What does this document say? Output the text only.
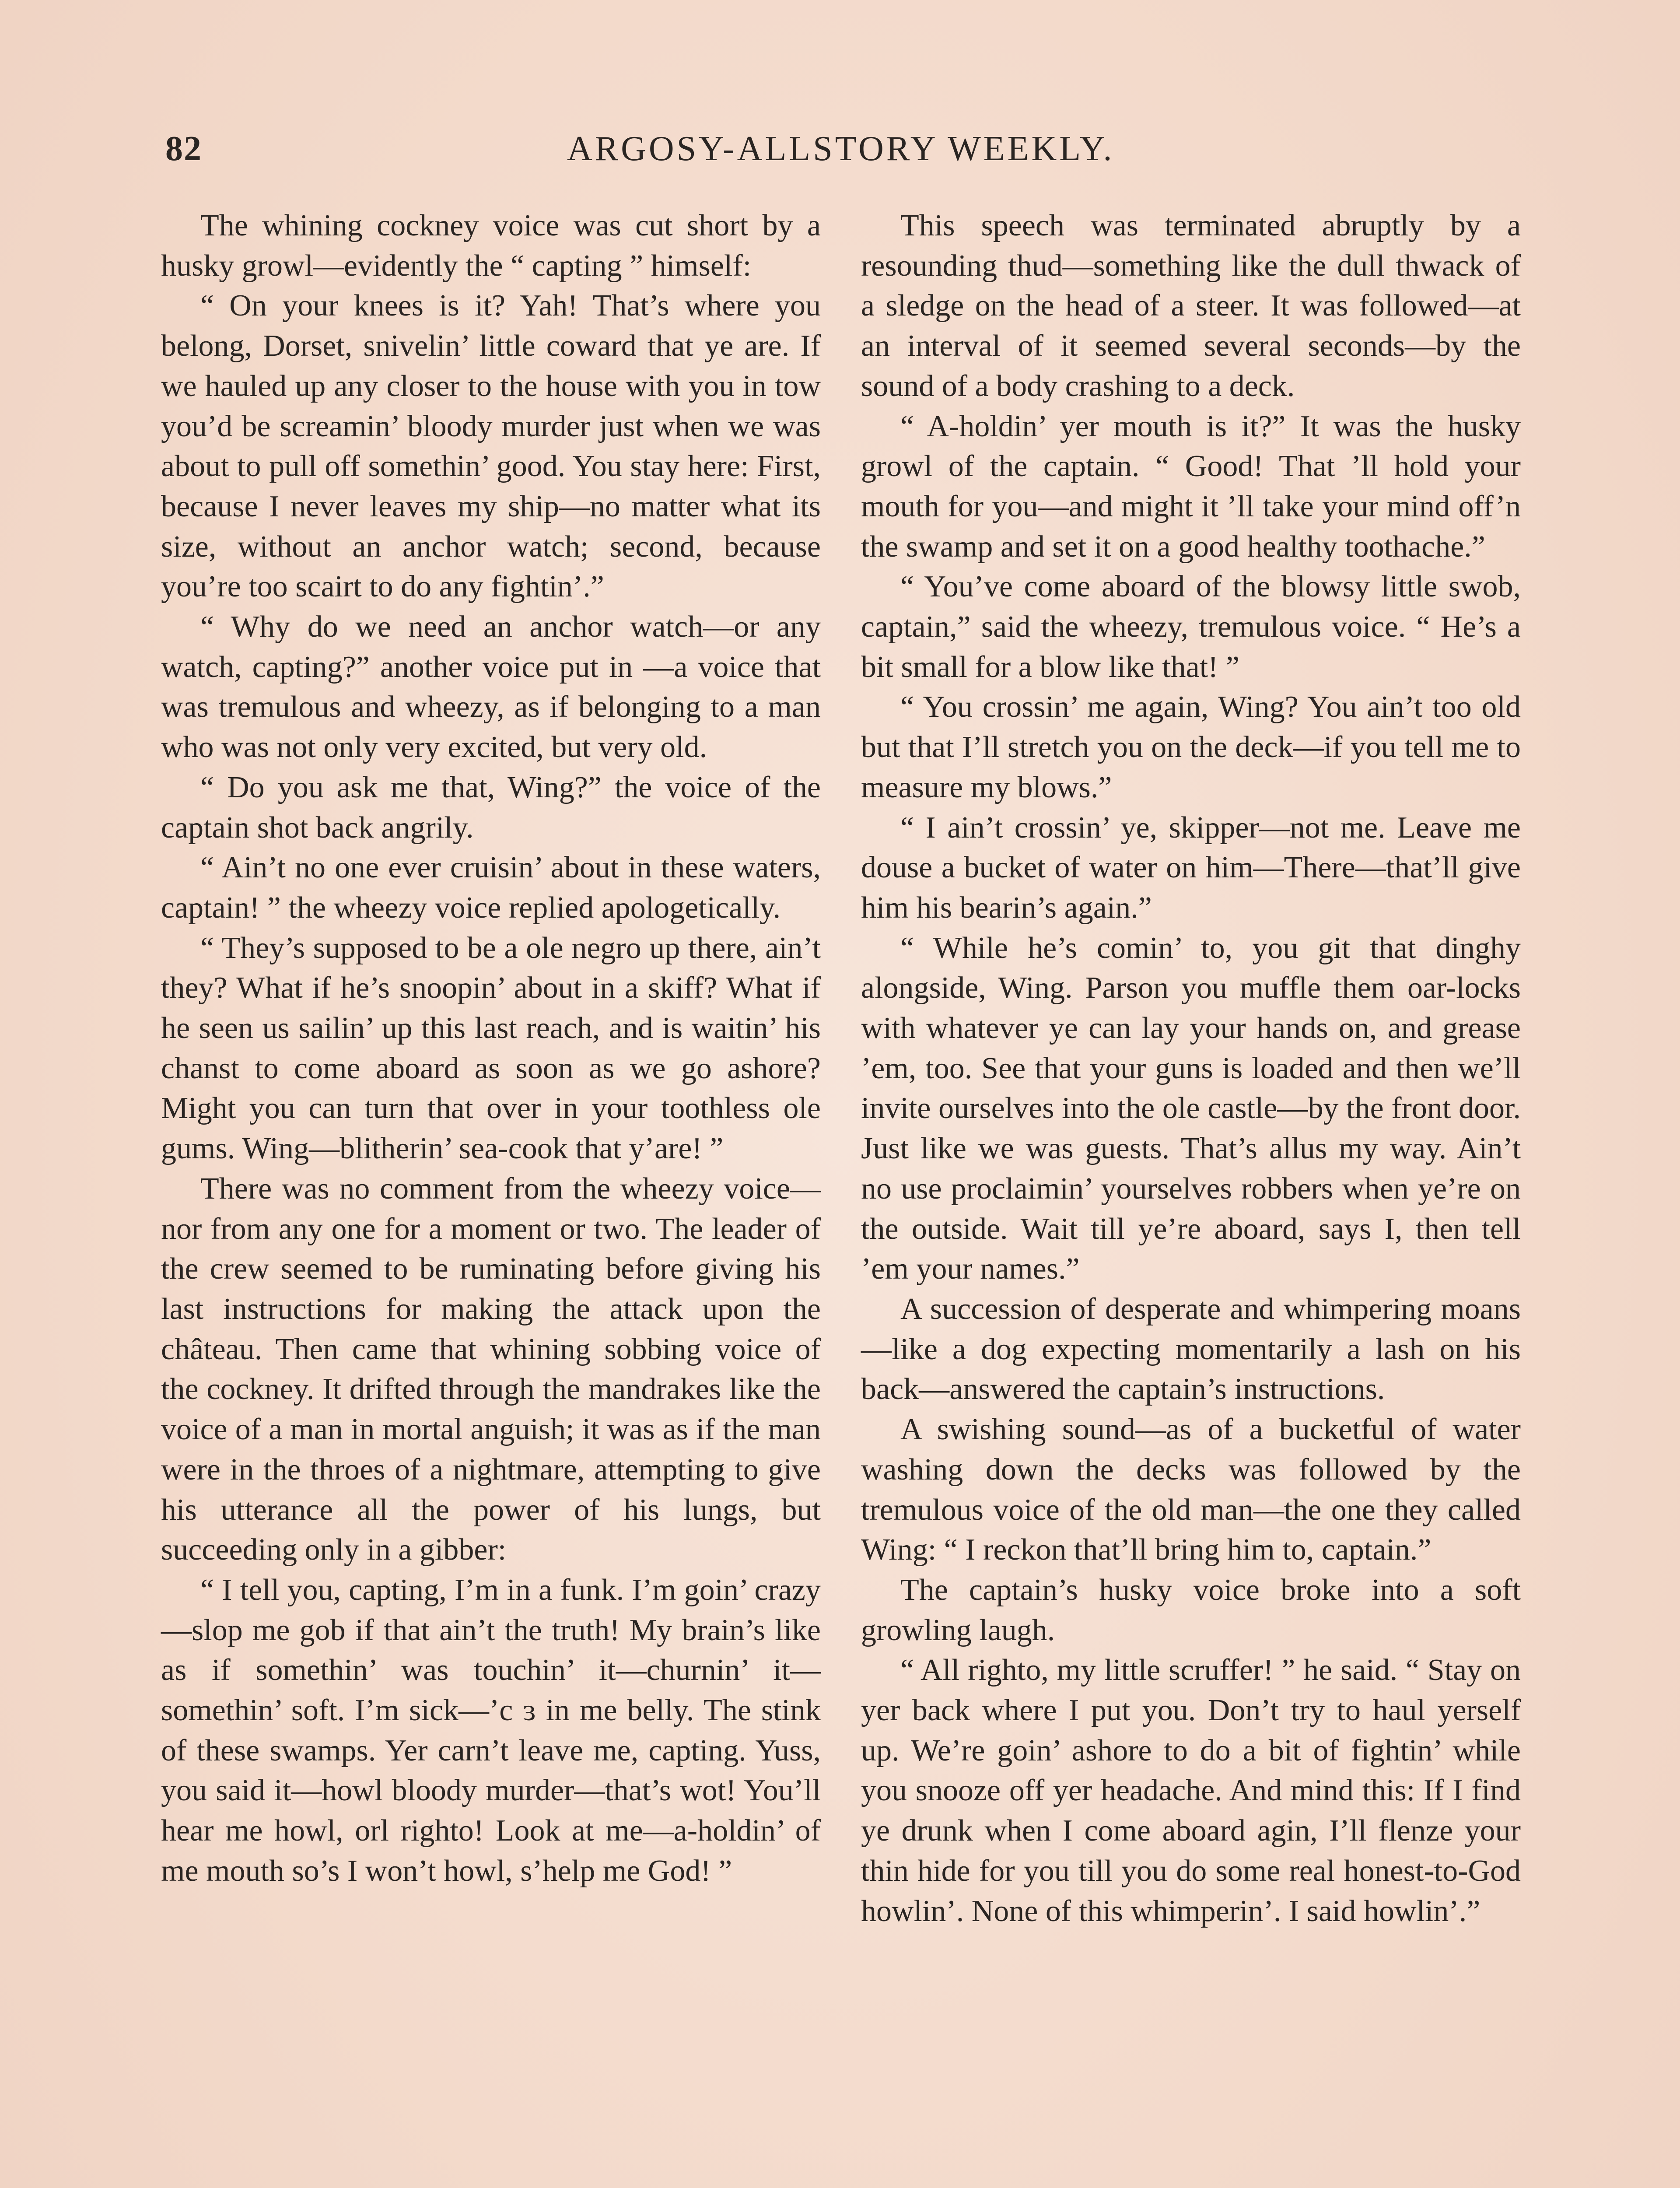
82	ARGOSY-ALLSTORY WEEKLY.

The whining cockney voice was cut short by a husky growl—evidently the “ capting ” himself:

“ On your knees is it? Yah! That’s where you belong, Dorset, snivelin’ little coward that ye are. If we hauled up any closer to the house with you in tow you’d be screamin’ bloody murder just when we was about to pull off somethin’ good. You stay here: First, because I never leaves my ship—no matter what its size, without an anchor watch; second, because you’re too scairt to do any fightin’.”

“ Why do we need an anchor watch—or any watch, capting?” another voice put in —a voice that was tremulous and wheezy, as if belonging to a man who was not only very excited, but very old.

“ Do you ask me that, Wing?” the voice of the captain shot back angrily.

“ Ain’t no one ever cruisin’ about in these waters, captain! ” the wheezy voice replied apologetically.

“ They’s supposed to be a ole negro up there, ain’t they? What if he’s snoopin’ about in a skiff? What if he seen us sailin’ up this last reach, and is waitin’ his chanst to come aboard as soon as we go ashore? Might you can turn that over in your toothless ole gums. Wing—blitherin’ sea-cook that y’are! ”

There was no comment from the wheezy voice—nor from any one for a moment or two. The leader of the crew seemed to be ruminating before giving his last instructions for making the attack upon the château. Then came that whining sobbing voice of the cockney. It drifted through the mandrakes like the voice of a man in mortal anguish; it was as if the man were in the throes of a nightmare, attempting to give his utterance all the power of his lungs, but succeeding only in a gibber:

“ I tell you, capting, I’m in a funk. I’m goin’ crazy—slop me gob if that ain’t the truth! My brain’s like as if somethin’ was touchin’ it—churnin’ it—somethin’ soft. I’m sick—’c ɜ in me belly. The stink of these swamps. Yer carn’t leave me, capting. Yuss, you said it—howl bloody murder—that’s wot! You’ll hear me howl, orl righto! Look at me—a-holdin’ of me mouth so’s I won’t howl, s’help me God! ”

This speech was terminated abruptly by a resounding thud—something like the dull thwack of a sledge on the head of a steer. It was followed—at an interval of it seemed several seconds—by the sound of a body crashing to a deck.

“ A-holdin’ yer mouth is it?” It was the husky growl of the captain. “ Good! That ’ll hold your mouth for you—and might it ’ll take your mind off’n the swamp and set it on a good healthy toothache.”

“ You’ve come aboard of the blowsy little swob, captain,” said the wheezy, tremulous voice. “ He’s a bit small for a blow like that! ”

“ You crossin’ me again, Wing? You ain’t too old but that I’ll stretch you on the deck—if you tell me to measure my blows.”

“ I ain’t crossin’ ye, skipper—not me. Leave me douse a bucket of water on him—There—that’ll give him his bearin’s again.”

“ While he’s comin’ to, you git that dinghy alongside, Wing. Parson you muffle them oar-locks with whatever ye can lay your hands on, and grease ’em, too. See that your guns is loaded and then we’ll invite ourselves into the ole castle—by the front door. Just like we was guests. That’s allus my way. Ain’t no use proclaimin’ yourselves robbers when ye’re on the outside. Wait till ye’re aboard, says I, then tell ’em your names.”

A succession of desperate and whimpering moans—like a dog expecting momentarily a lash on his back—answered the captain’s instructions.

A swishing sound—as of a bucketful of water washing down the decks was followed by the tremulous voice of the old man—the one they called Wing: “ I reckon that’ll bring him to, captain.”

The captain’s husky voice broke into a soft growling laugh.

“ All righto, my little scruffer! ” he said. “ Stay on yer back where I put you. Don’t try to haul yerself up. We’re goin’ ashore to do a bit of fightin’ while you snooze off yer headache. And mind this: If I find ye drunk when I come aboard agin, I’ll flenze your thin hide for you till you do some real honest-to-God howlin’. None of this whimperin’. I said howlin’.”
